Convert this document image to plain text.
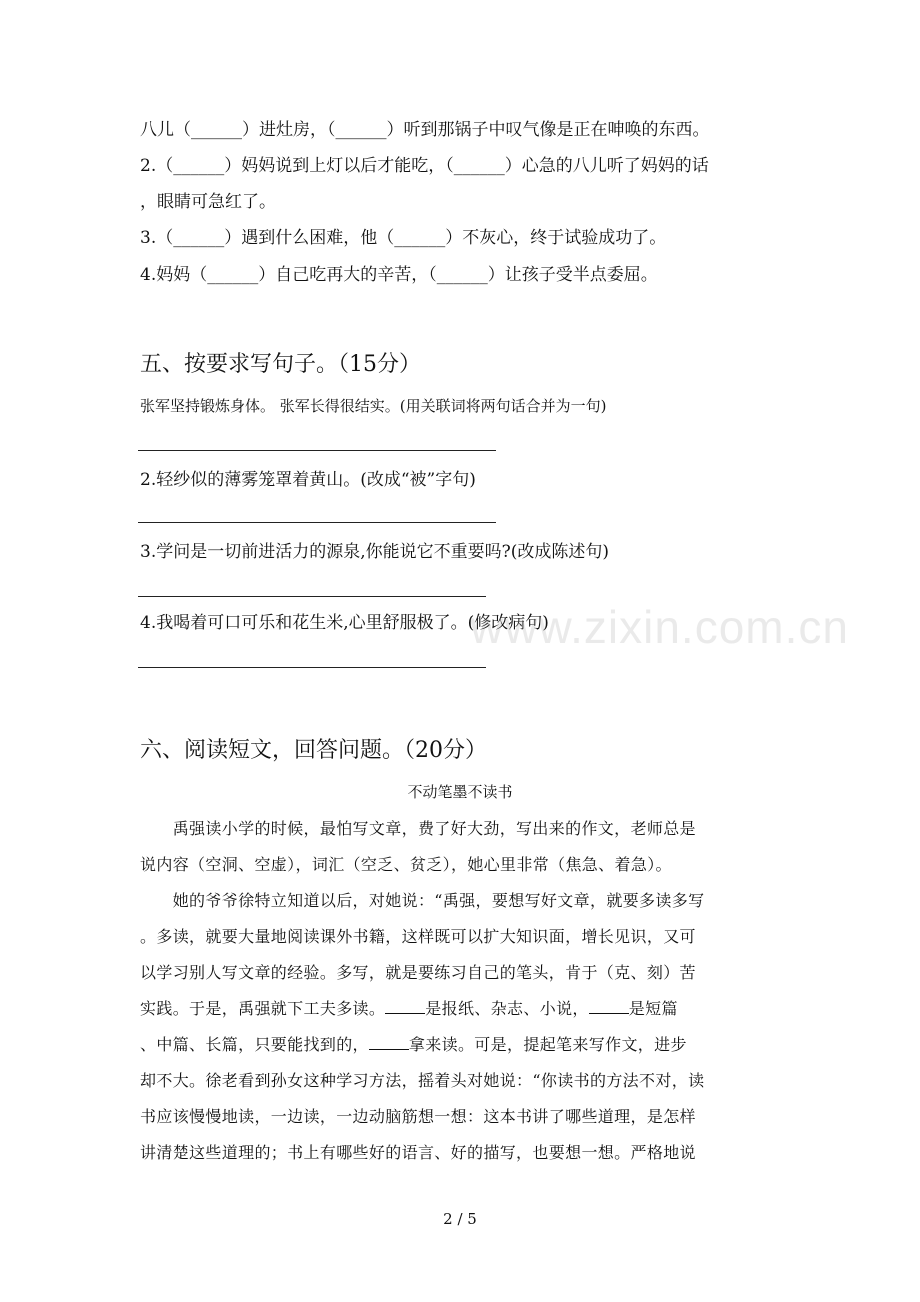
八儿（______）进灶房，（______）听到那锅子中叹气像是正在呻唤的东西。
2.（______）妈妈说到上灯以后才能吃，（______）心急的八儿听了妈妈的话
，眼睛可急红了。
3.（______）遇到什么困难，他（______）不灰心，终于试验成功了。
4.妈妈（______）自己吃再大的辛苦，（______）让孩子受半点委屈。
五、按要求写句子。（15分）
张军坚持锻炼身体。 张军长得很结实。(用关联词将两句话合并为一句)
2.轻纱似的薄雾笼罩着黄山。(改成“被”字句)
3.学问是一切前进活力的源泉,你能说它不重要吗?(改成陈述句)
4.我喝着可口可乐和花生米,心里舒服极了。(修改病句)
www.zixin.com.cn
六、阅读短文，回答问题。（20分）
不动笔墨不读书
　　禹强读小学的时候，最怕写文章，费了好大劲，写出来的作文，老师总是
说内容（空洞、空虚），词汇（空乏、贫乏），她心里非常（焦急、着急）。
　　她的爷爷徐特立知道以后，对她说：“禹强，要想写好文章，就要多读多写
。多读，就要大量地阅读课外书籍，这样既可以扩大知识面，增长见识，又可
以学习别人写文章的经验。多写，就是要练习自己的笔头，肯于（克、刻）苦
实践。于是，禹强就下工夫多读。	是报纸、杂志、小说，	是短篇
、中篇、长篇，只要能找到的，	拿来读。可是，提起笔来写作文，进步
却不大。徐老看到孙女这种学习方法，摇着头对她说：“你读书的方法不对，读
书应该慢慢地读，一边读，一边动脑筋想一想：这本书讲了哪些道理，是怎样
讲清楚这些道理的；书上有哪些好的语言、好的描写，也要想一想。严格地说
2 / 5
